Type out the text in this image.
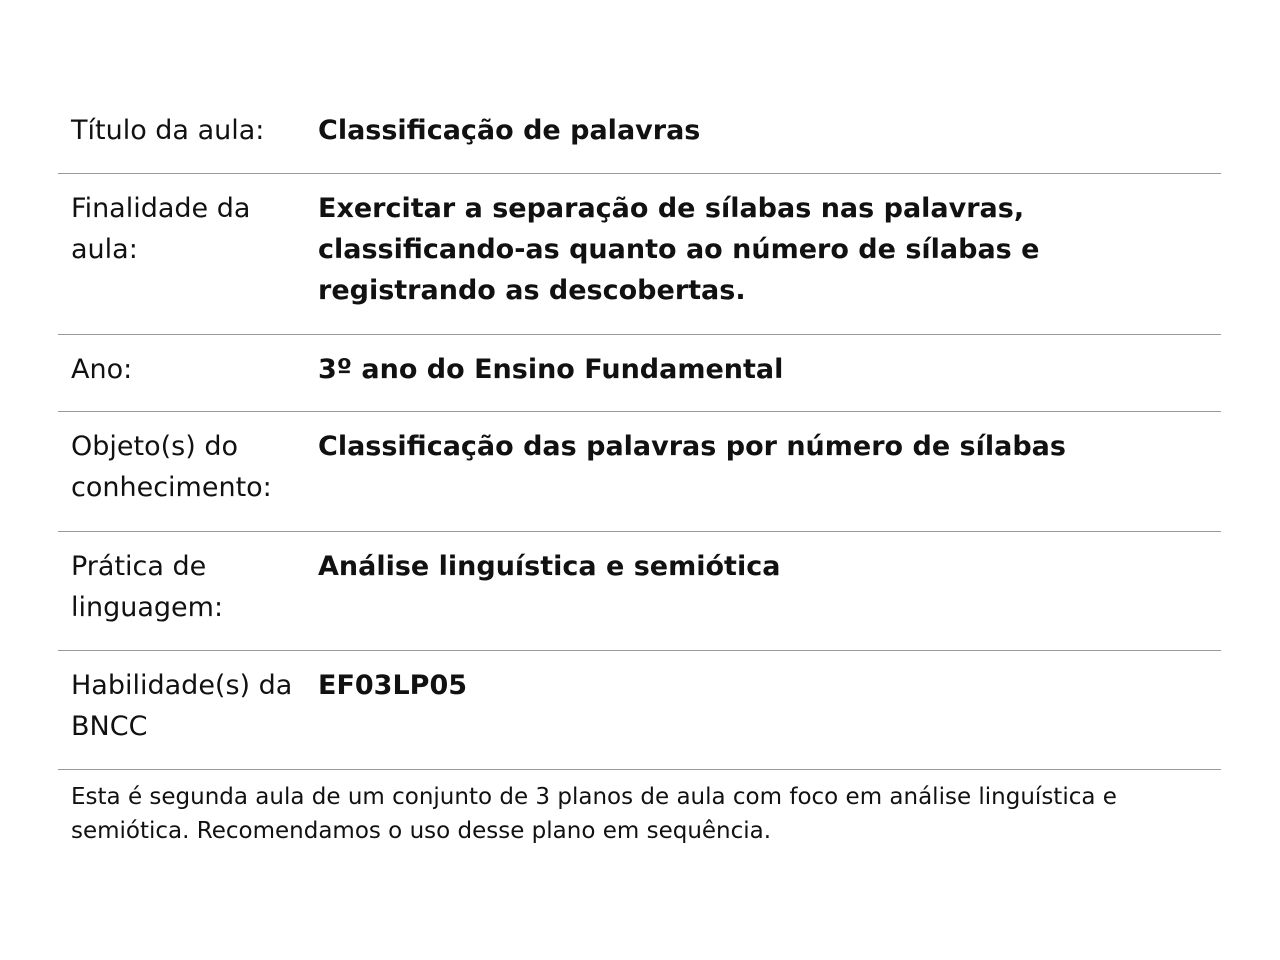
Título da aula:	Classificação de palavras
Finalidade da aula:
Exercitar a separação de sílabas nas palavras, classificando-as quanto ao número de sílabas e registrando as descobertas.
Ano:	3º ano do Ensino Fundamental
Objeto(s) do conhecimento:
Classificação das palavras por número de sílabas
Prática de linguagem:
Análise linguística e semiótica
Habilidade(s) da BNCC
EF03LP05
Esta é segunda aula de um conjunto de 3 planos de aula com foco em análise linguística e semiótica. Recomendamos o uso desse plano em sequência.
